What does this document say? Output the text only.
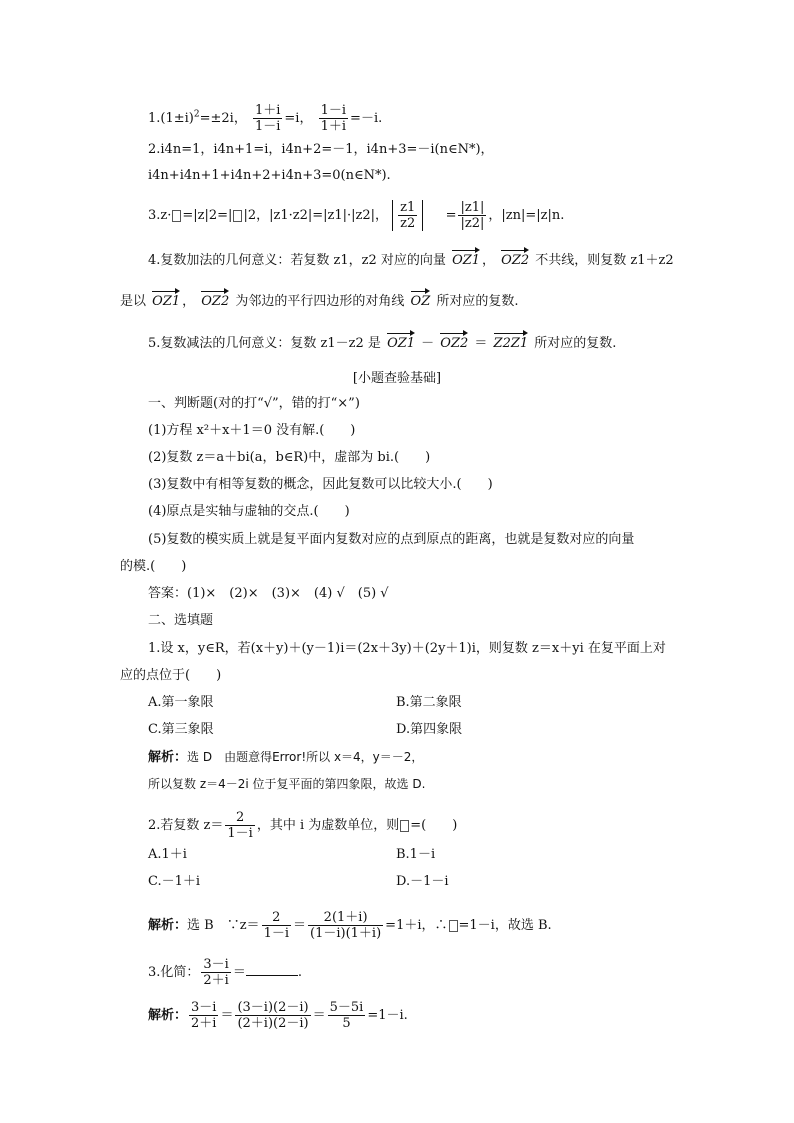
$1.(1\pm i)^2=\pm 2i$， $\frac{1+i}{1-i} =i$， $\frac{1-i}{1+i} =-i$.
2.i4n=1，i4n+1=i，i4n+2=－1，i4n+3=－i(n∈N*)，
i4n+i4n+1+i4n+2+i4n+3=0(n∈N*).
3.z· =|z|2=| |2，|z1·z2|=|z1|·|z2|， $\frac{z1}{z2} = \frac{|z1|}{|z2|}$ ，|zn|=|z|n.
4.复数加法的几何意义：若复数 z1，z2 对应的向量 OZ1 ， OZ2 不共线，则复数 z1＋z2
是以 OZ1 ， OZ2 为邻边的平行四边形的对角线 OZ 所对应的复数.
5.复数减法的几何意义：复数 z1－z2 是 OZ1 － OZ2 ＝ Z2Z1 所对应的复数.
[小题查验基础]
一、判断题(对的打“√”，错的打“×”)
(1)方程 x²＋x＋1＝0 没有解.(　　)
(2)复数 z＝a＋bi(a，b∈R)中，虚部为 bi.(　　)
(3)复数中有相等复数的概念，因此复数可以比较大小.(　　)
(4)原点是实轴与虚轴的交点.(　　)
(5)复数的模实质上就是复平面内复数对应的点到原点的距离，也就是复数对应的向量
的模.(　　)
答案：(1)×　(2)×　(3)×　(4) √　(5) √
二、选填题
1.设 x，y∈R，若(x＋y)＋(y－1)i＝(2x＋3y)＋(2y＋1)i，则复数 z＝x＋yi 在复平面上对
应的点位于(　　)
A.第一象限	B.第二象限
C.第三象限	D.第四象限
解析：选 D　由题意得Error!所以 x＝4，y＝－2，
所以复数 z＝4－2i 位于复平面的第四象限，故选 D.
2.若复数 $z= \frac{2}{1-i}$ ，其中 i 为虚数单位，则 =(　　)
A.1＋i	B.1－i
C.－1＋i	D.－1－i
解析：选 B　∵z＝ $\frac{2}{1-i} = \frac{2(1+i)}{(1-i)(1+i)} =1+i$，∴ =1－i，故选 B.
3.化简： $\frac{3-i}{2+i}$ ＝	.
解析： $\frac{3-i}{2+i} = \frac{(3-i)(2-i)}{(2+i)(2-i)} = \frac{5-5i}{5} =1-i$.
